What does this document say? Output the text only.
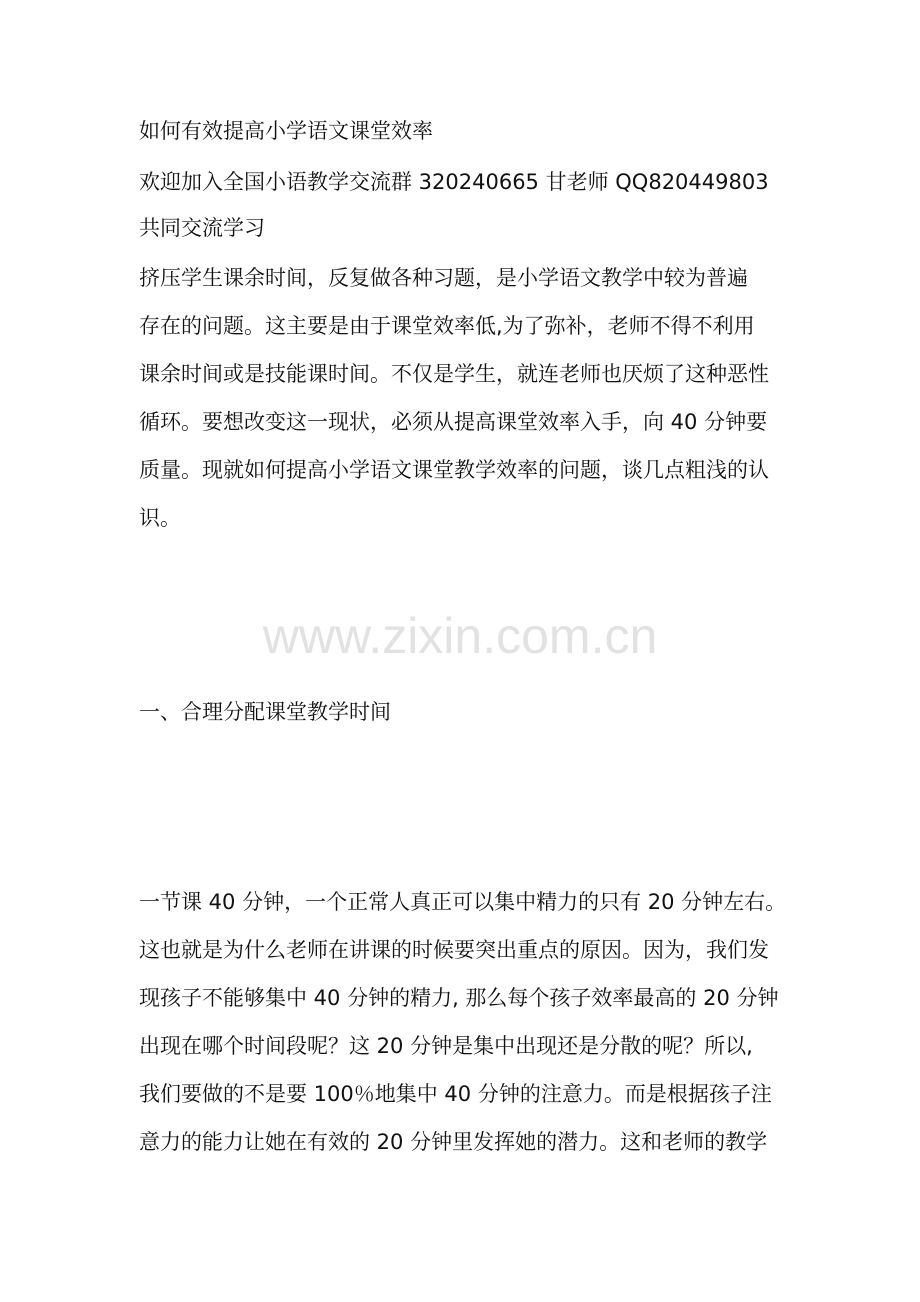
如何有效提高小学语文课堂效率
欢迎加入全国小语教学交流群 320240665 甘老师 QQ820449803
共同交流学习
挤压学生课余时间，反复做各种习题，是小学语文教学中较为普遍
存在的问题。这主要是由于课堂效率低,为了弥补，老师不得不利用
课余时间或是技能课时间。不仅是学生，就连老师也厌烦了这种恶性
循环。要想改变这一现状，必须从提高课堂效率入手，向 40 分钟要
质量。现就如何提高小学语文课堂教学效率的问题，谈几点粗浅的认
识。
www.zixin.com.cn
一、合理分配课堂教学时间
一节课 40 分钟，一个正常人真正可以集中精力的只有 20 分钟左右。
这也就是为什么老师在讲课的时候要突出重点的原因。因为，我们发
现孩子不能够集中 40 分钟的精力, 那么每个孩子效率最高的 20 分钟
出现在哪个时间段呢？这 20 分钟是集中出现还是分散的呢？所以,
我们要做的不是要 100％地集中 40 分钟的注意力。而是根据孩子注
意力的能力让她在有效的 20 分钟里发挥她的潜力。这和老师的教学
